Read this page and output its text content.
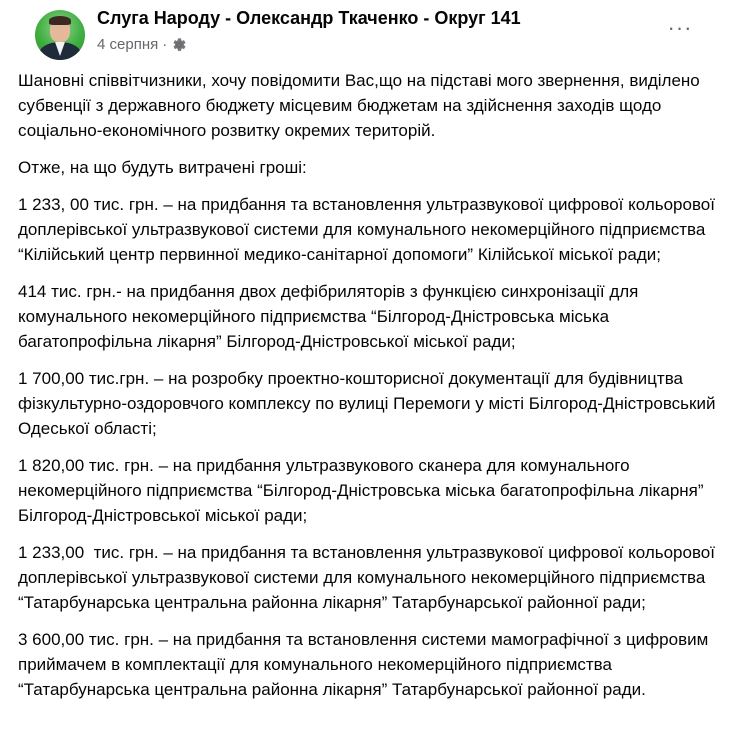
Слуга Народу - Олександр Ткаченко - Округ 141
4 серпня ·
···

Шановні співвітчизники, хочу повідомити Вас,що на підставі мого звернення, виділено  субвенції з державного бюджету місцевим бюджетам на здійснення заходів щодо соціально-економічного розвитку окремих територій.

Отже, на що будуть витрачені гроші:

1 233, 00 тис. грн. – на придбання та встановлення ультразвукової цифрової кольорової доплерівської ультразвукової системи для комунального некомерційного підприємства “Кілійський центр первинної медико-санітарної допомоги” Кілійської міської ради;

414 тис. грн.- на придбання двох дефібриляторів з функцією синхронізації для комунального некомерційного підприємства “Білгород-Дністровська міська багатопрофільна лікарня” Білгород-Дністровської міської ради;

1 700,00 тис.грн. – на розробку проектно-кошторисної документації для будівництва фізкультурно-оздоровчого комплексу по вулиці Перемоги у місті Білгород-Дністровський Одеської області;

1 820,00 тис. грн. – на придбання ультразвукового сканера для комунального некомерційного підприємства “Білгород-Дністровська міська багатопрофільна лікарня” Білгород-Дністровської міської ради;

1 233,00  тис. грн. – на придбання та встановлення ультразвукової цифрової кольорової доплерівської ультразвукової системи для комунального некомерційного підприємства “Татарбунарська центральна районна лікарня” Татарбунарської районної ради;

3 600,00 тис. грн. – на придбання та встановлення системи мамографічної з цифровим приймачем в комплектації для комунального некомерційного підприємства “Татарбунарська центральна районна лікарня” Татарбунарської районної ради.
